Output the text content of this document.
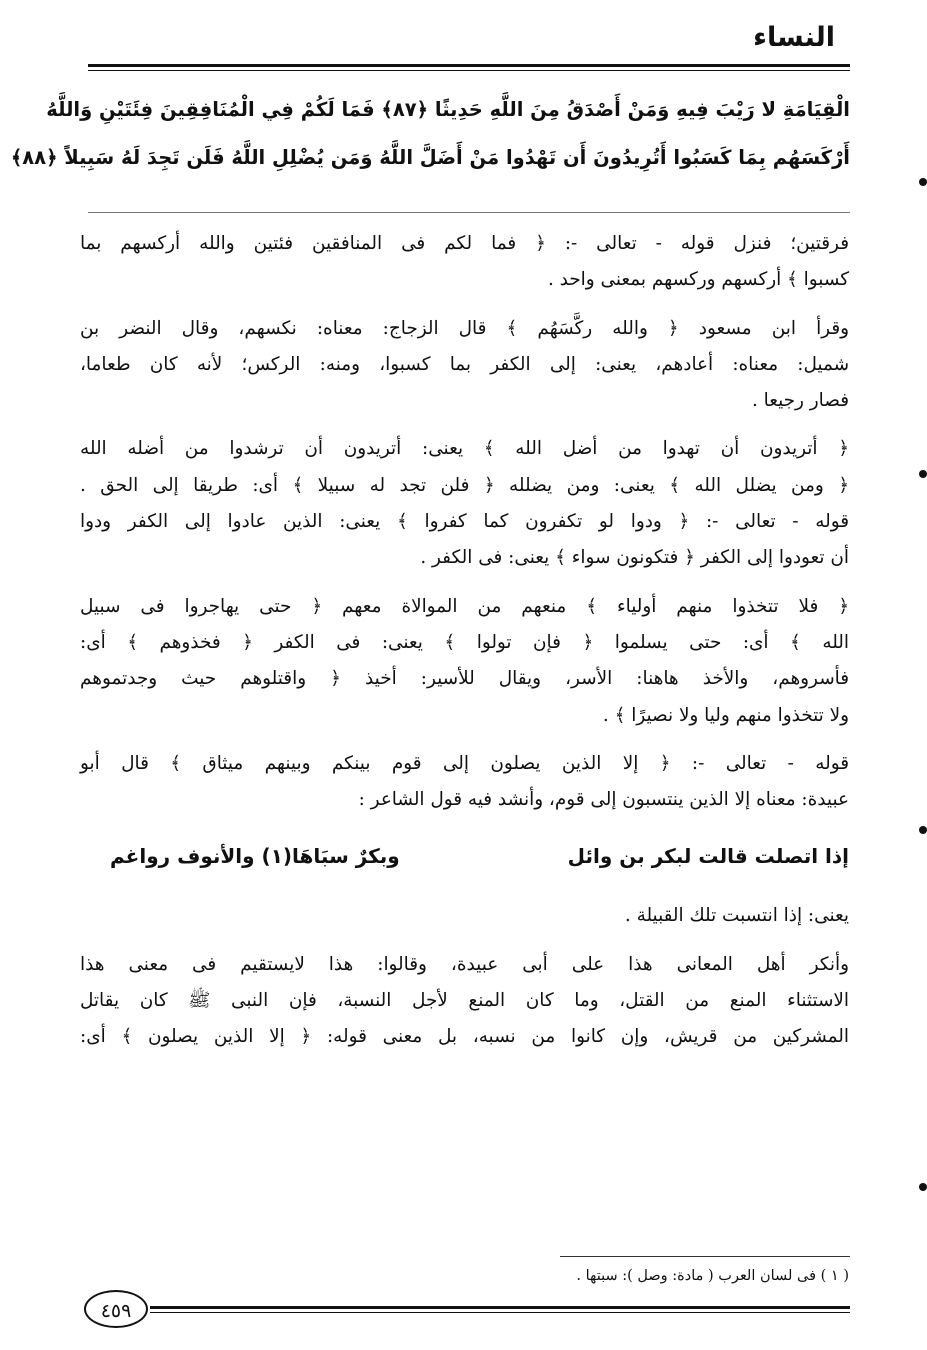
النساء
الْقِيَامَةِ لا رَيْبَ فِيهِ وَمَنْ أَصْدَقُ مِنَ اللَّهِ حَدِيثًا ﴿٨٧﴾ فَمَا لَكُمْ فِي الْمُنَافِقِينَ فِئَتَيْنِ وَاللَّهُ
أَرْكَسَهُم بِمَا كَسَبُوا أَتُرِيدُونَ أَن تَهْدُوا مَنْ أَضَلَّ اللَّهُ وَمَن يُضْلِلِ اللَّهُ فَلَن تَجِدَ لَهُ سَبِيلاً ﴿٨٨﴾
فرقتين؛ فنزل قوله - تعالى -: ﴿ فما لكم فى المنافقين فئتين والله أركسهم بما
كسبوا ﴾ أركسهم وركسهم بمعنى واحد .
وقرأ ابن مسعود ﴿ والله ركَّسَهُم ﴾ قال الزجاج: معناه: نكسهم، وقال النضر بن
شميل: معناه: أعادهم، يعنى: إلى الكفر بما كسبوا، ومنه: الركس؛ لأنه كان طعاما،
فصار رجيعا .
﴿ أتريدون أن تهدوا من أضل الله ﴾ يعنى: أتريدون أن ترشدوا من أضله الله
﴿ ومن يضلل الله ﴾ يعنى: ومن يضلله ﴿ فلن تجد له سبيلا ﴾ أى: طريقا إلى الحق .
قوله - تعالى -: ﴿ ودوا لو تكفرون كما كفروا ﴾ يعنى: الذين عادوا إلى الكفر ودوا
أن تعودوا إلى الكفر ﴿ فتكونون سواء ﴾ يعنى: فى الكفر .
﴿ فلا تتخذوا منهم أولياء ﴾ منعهم من الموالاة معهم ﴿ حتى يهاجروا فى سبيل
الله ﴾ أى: حتى يسلموا ﴿ فإن تولوا ﴾ يعنى: فى الكفر ﴿ فخذوهم ﴾ أى:
فأسروهم، والأخذ هاهنا: الأسر، ويقال للأسير: أخيذ ﴿ واقتلوهم حيث وجدتموهم
ولا تتخذوا منهم وليا ولا نصيرًا ﴾ .
قوله - تعالى -: ﴿ إلا الذين يصلون إلى قوم بينكم وبينهم ميثاق ﴾ قال أبو
عبيدة: معناه إلا الذين ينتسبون إلى قوم، وأنشد فيه قول الشاعر :
إذا اتصلت قالت لبكر بن وائل
وبكرٌ سبَاهَا(١) والأنوف رواغم
يعنى: إذا انتسبت تلك القبيلة .
وأنكر أهل المعانى هذا على أبى عبيدة، وقالوا: هذا لايستقيم فى معنى هذا
الاستثناء المنع من القتل، وما كان المنع لأجل النسبة، فإن النبى ﷺ كان يقاتل
المشركين من قريش، وإن كانوا من نسبه، بل معنى قوله: ﴿ إلا الذين يصلون ﴾ أى:
( ١ ) فى لسان العرب ( مادة: وصل ): سبتها .
٤٥٩
